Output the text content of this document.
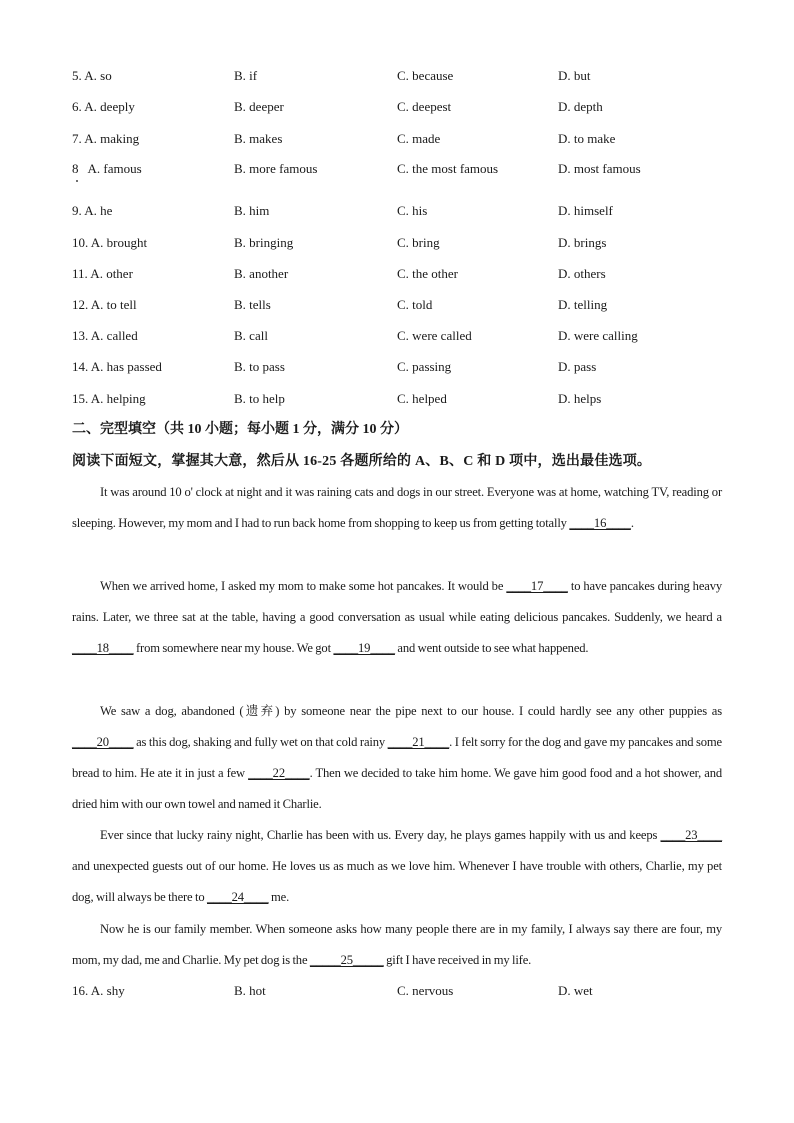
5. A. so	B. if	C. because	D. but
6. A. deeply	B. deeper	C. deepest	D. depth
7. A. making	B. makes	C. made	D. to make
8   A. famous	B. more famous	C. the most famous	D. most famous
9. A. he	B. him	C. his	D. himself
10. A. brought	B. bringing	C. bring	D. brings
11. A. other	B. another	C. the other	D. others
12. A. to tell	B. tells	C. told	D. telling
13. A. called	B. call	C. were called	D. were calling
14. A. has passed	B. to pass	C. passing	D. pass
15. A. helping	B. to help	C. helped	D. helps
二、完型填空（共 10 小题；每小题 1 分，满分 10 分）
阅读下面短文，掌握其大意，然后从 16-25 各题所给的 A、B、C 和 D 项中，选出最佳选项。
It was around 10 o' clock at night and it was raining cats and dogs in our street. Everyone was at home, watching TV, reading or sleeping. However, my mom and I had to run back home from shopping to keep us from getting totally ____16____.
When we arrived home, I asked my mom to make some hot pancakes. It would be ____17____ to have pancakes during heavy rains. Later, we three sat at the table, having a good conversation as usual while eating delicious pancakes. Suddenly, we heard a ____18____ from somewhere near my house. We got ____19____ and went outside to see what happened.
We saw a dog, abandoned (遗弃) by someone near the pipe next to our house. I could hardly see any other puppies as ____20____ as this dog, shaking and fully wet on that cold rainy ____21____. I felt sorry for the dog and gave my pancakes and some bread to him. He ate it in just a few ____22____. Then we decided to take him home. We gave him good food and a hot shower, and dried him with our own towel and named it Charlie.
Ever since that lucky rainy night, Charlie has been with us. Every day, he plays games happily with us and keeps ____23____ and unexpected guests out of our home. He loves us as much as we love him. Whenever I have trouble with others, Charlie, my pet dog, will always be there to ____24____ me.
Now he is our family member. When someone asks how many people there are in my family, I always say there are four, my mom, my dad, me and Charlie. My pet dog is the _____25_____ gift I have received in my life.
16. A. shy	B. hot	C. nervous	D. wet
